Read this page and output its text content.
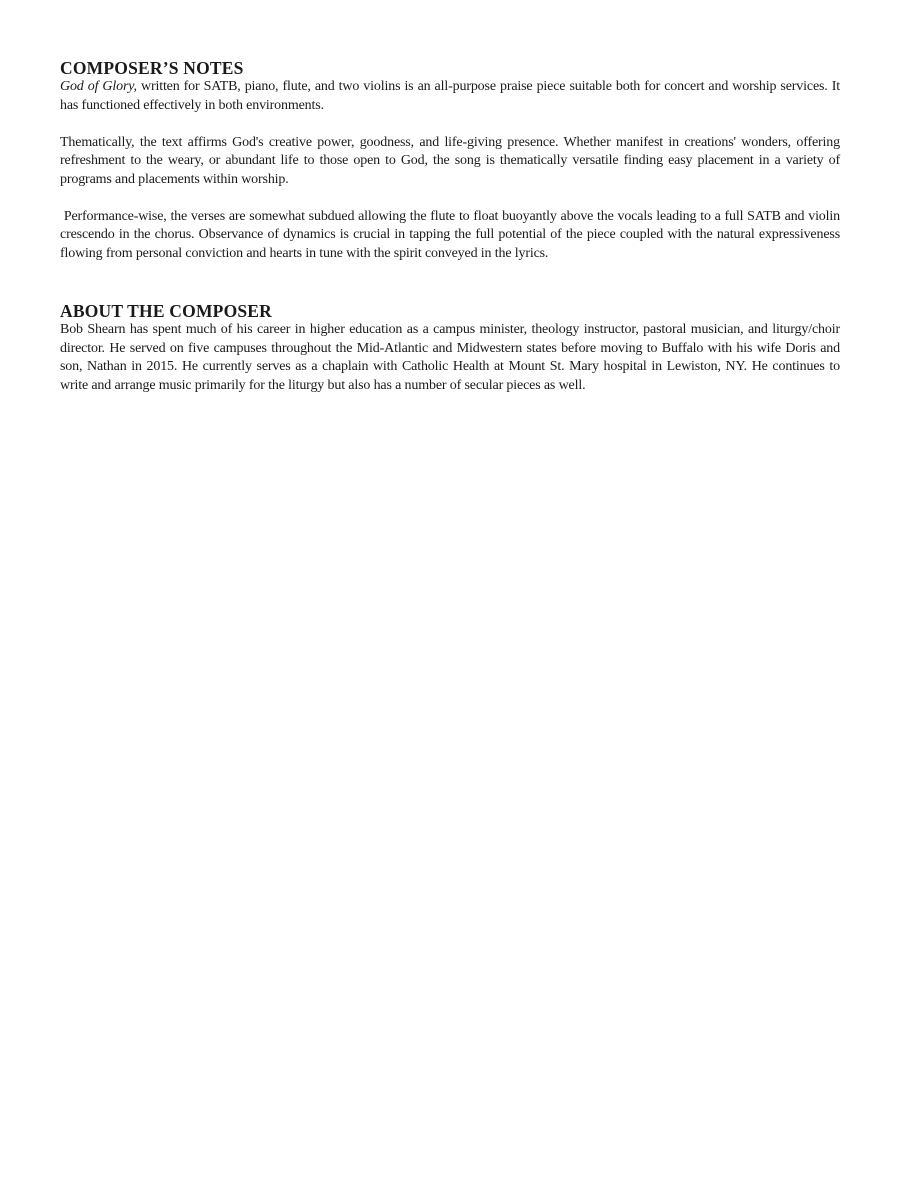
COMPOSER’S NOTES

God of Glory, written for SATB, piano, flute, and two violins is an all-purpose praise piece suitable both for concert and worship services. It has functioned effectively in both environments.

Thematically, the text affirms God's creative power, goodness, and life-giving presence. Whether manifest in creations' wonders, offering refreshment to the weary, or abundant life to those open to God, the song is thematically versatile finding easy placement in a variety of programs and placements within worship.

Performance-wise, the verses are somewhat subdued allowing the flute to float buoyantly above the vocals leading to a full SATB and violin crescendo in the chorus. Observance of dynamics is crucial in tapping the full potential of the piece coupled with the natural expressiveness flowing from personal conviction and hearts in tune with the spirit conveyed in the lyrics.

ABOUT THE COMPOSER

Bob Shearn has spent much of his career in higher education as a campus minister, theology instructor, pastoral musician, and liturgy/choir director. He served on five campuses throughout the Mid-Atlantic and Midwestern states before moving to Buffalo with his wife Doris and son, Nathan in 2015. He currently serves as a chaplain with Catholic Health at Mount St. Mary hospital in Lewiston, NY. He continues to write and arrange music primarily for the liturgy but also has a number of secular pieces as well.
